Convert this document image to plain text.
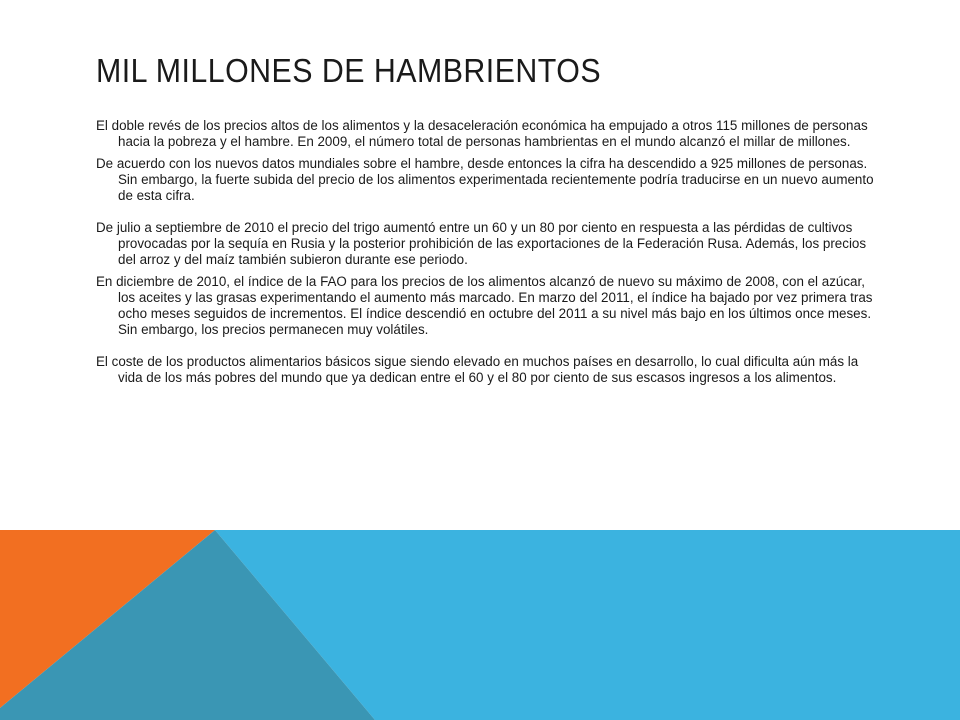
MIL MILLONES DE HAMBRIENTOS

El doble revés de los precios altos de los alimentos y la desaceleración económica ha empujado a otros 115 millones de personas hacia la pobreza y el hambre. En 2009, el número total de personas hambrientas en el mundo alcanzó el millar de millones.

De acuerdo con los nuevos datos mundiales sobre el hambre, desde entonces la cifra ha descendido a 925 millones de personas. Sin embargo, la fuerte subida del precio de los alimentos experimentada recientemente podría traducirse en un nuevo aumento de esta cifra.
De julio a septiembre de 2010 el precio del trigo aumentó entre un 60 y un 80 por ciento en respuesta a las pérdidas de cultivos provocadas por la sequía en Rusia y la posterior prohibición de las exportaciones de la Federación Rusa. Además, los precios del arroz y del maíz también subieron durante ese periodo.

En diciembre de 2010, el índice de la FAO para los precios de los alimentos alcanzó de nuevo su máximo de 2008, con el azúcar, los aceites y las grasas experimentando el aumento más marcado. En marzo del 2011, el índice ha bajado por vez primera tras ocho meses seguidos de incrementos. El índice descendió en octubre del 2011 a su nivel más bajo en los últimos once meses. Sin embargo, los precios permanecen muy volátiles.
El coste de los productos alimentarios básicos sigue siendo elevado en muchos países en desarrollo, lo cual dificulta aún más la vida de los más pobres del mundo que ya dedican entre el 60 y el 80 por ciento de sus escasos ingresos a los alimentos.
